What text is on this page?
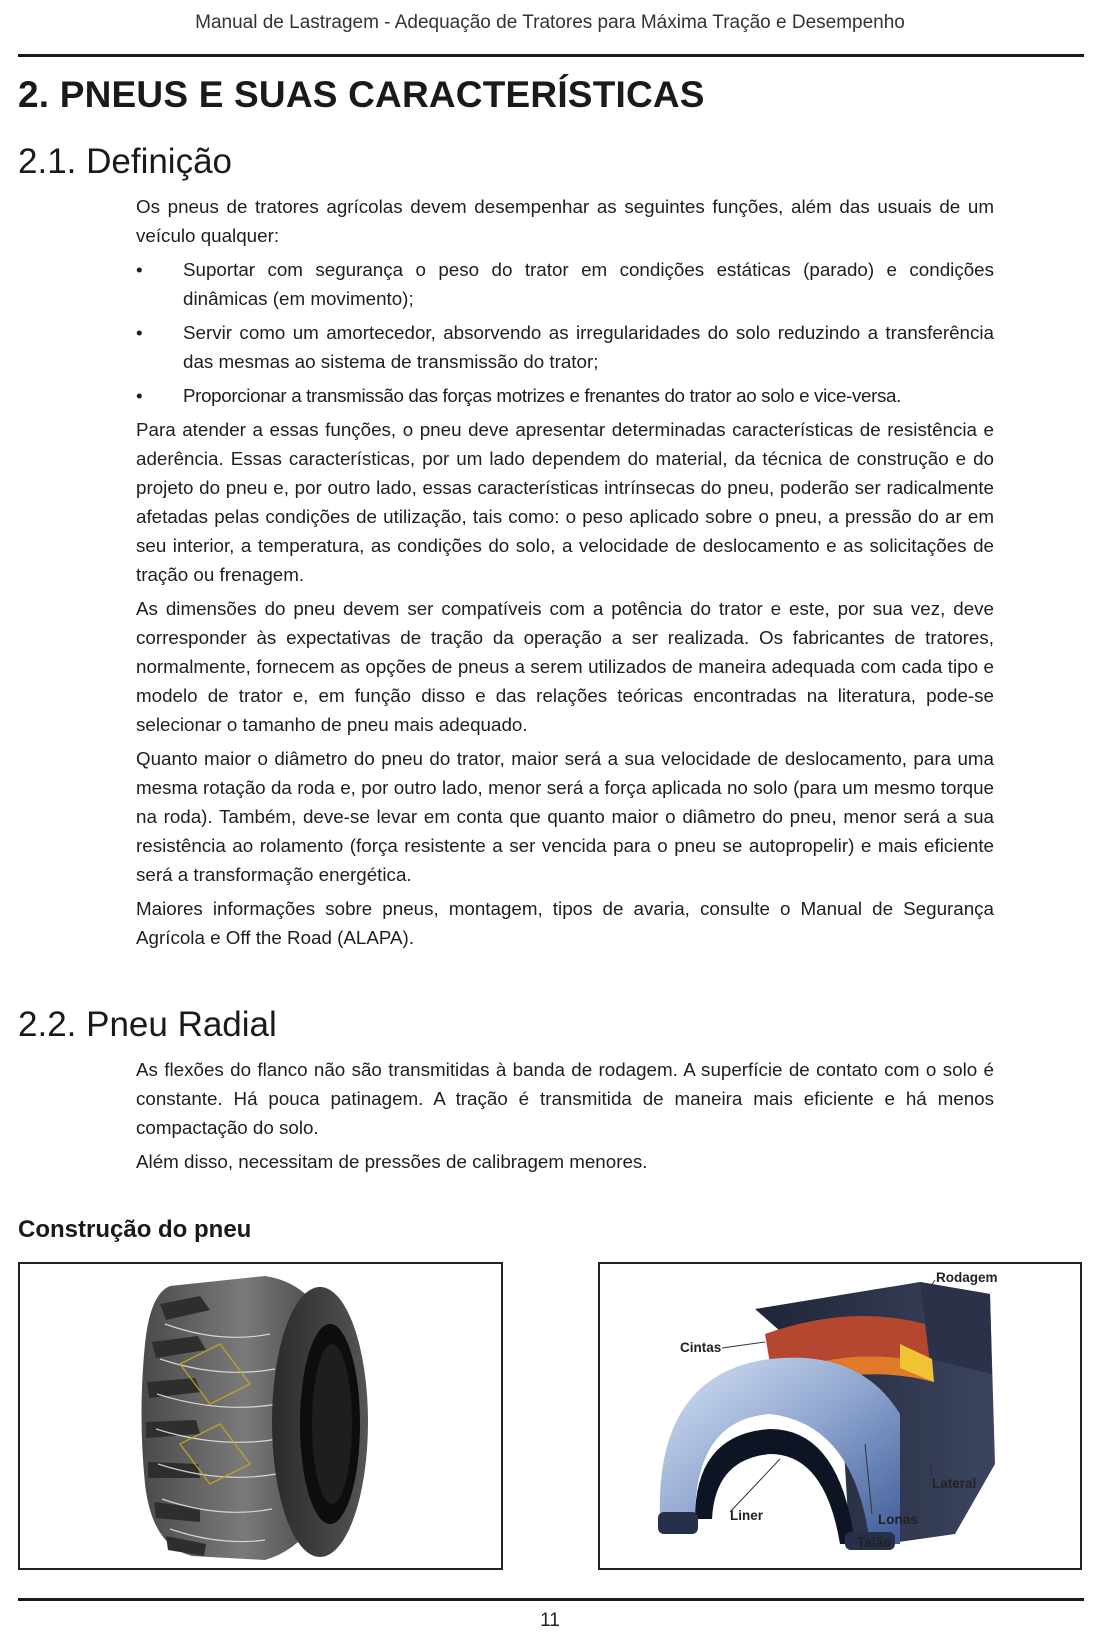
Manual de Lastragem - Adequação de Tratores para Máxima Tração e Desempenho
2. PNEUS E SUAS CARACTERÍSTICAS
2.1. Definição

Os pneus de tratores agrícolas devem desempenhar as seguintes funções, além das usuais de um veículo qualquer:

• Suportar com segurança o peso do trator em condições estáticas (parado) e condições dinâmicas (em movimento);
• Servir como um amortecedor, absorvendo as irregularidades do solo reduzindo a transferência das mesmas ao sistema de transmissão do trator;
• Proporcionar a transmissão das forças motrizes e frenantes do trator ao solo e vice-versa.

Para atender a essas funções, o pneu deve apresentar determinadas características de resistência e aderência. Essas características, por um lado dependem do material, da técnica de construção e do projeto do pneu e, por outro lado, essas características intrínsecas do pneu, poderão ser radicalmente afetadas pelas condições de utilização, tais como: o peso aplicado sobre o pneu, a pressão do ar em seu interior, a temperatura, as condições do solo, a velocidade de deslocamento e as solicitações de tração ou frenagem.

As dimensões do pneu devem ser compatíveis com a potência do trator e este, por sua vez, deve corresponder às expectativas de tração da operação a ser realizada. Os fabricantes de tratores, normalmente, fornecem as opções de pneus a serem utilizados de maneira adequada com cada tipo e modelo de trator e, em função disso e das relações teóricas encontradas na literatura, pode-se selecionar o tamanho de pneu mais adequado.

Quanto maior o diâmetro do pneu do trator, maior será a sua velocidade de deslocamento, para uma mesma rotação da roda e, por outro lado, menor será a força aplicada no solo (para um mesmo torque na roda). Também, deve-se levar em conta que quanto maior o diâmetro do pneu, menor será a sua resistência ao rolamento (força resistente a ser vencida para o pneu se autopropelir) e mais eficiente será a transformação energética.

Maiores informações sobre pneus, montagem, tipos de avaria, consulte o Manual de Segurança Agrícola e Off the Road (ALAPA).

2.2. Pneu Radial

As flexões do flanco não são transmitidas à banda de rodagem. A superfície de contato com o solo é constante. Há pouca patinagem. A tração é transmitida de maneira mais eficiente e há menos compactação do solo.

Além disso, necessitam de pressões de calibragem menores.

Construção do pneu
Rodagem
Cintas
Lateral
Liner	Lonas
Talão
11
